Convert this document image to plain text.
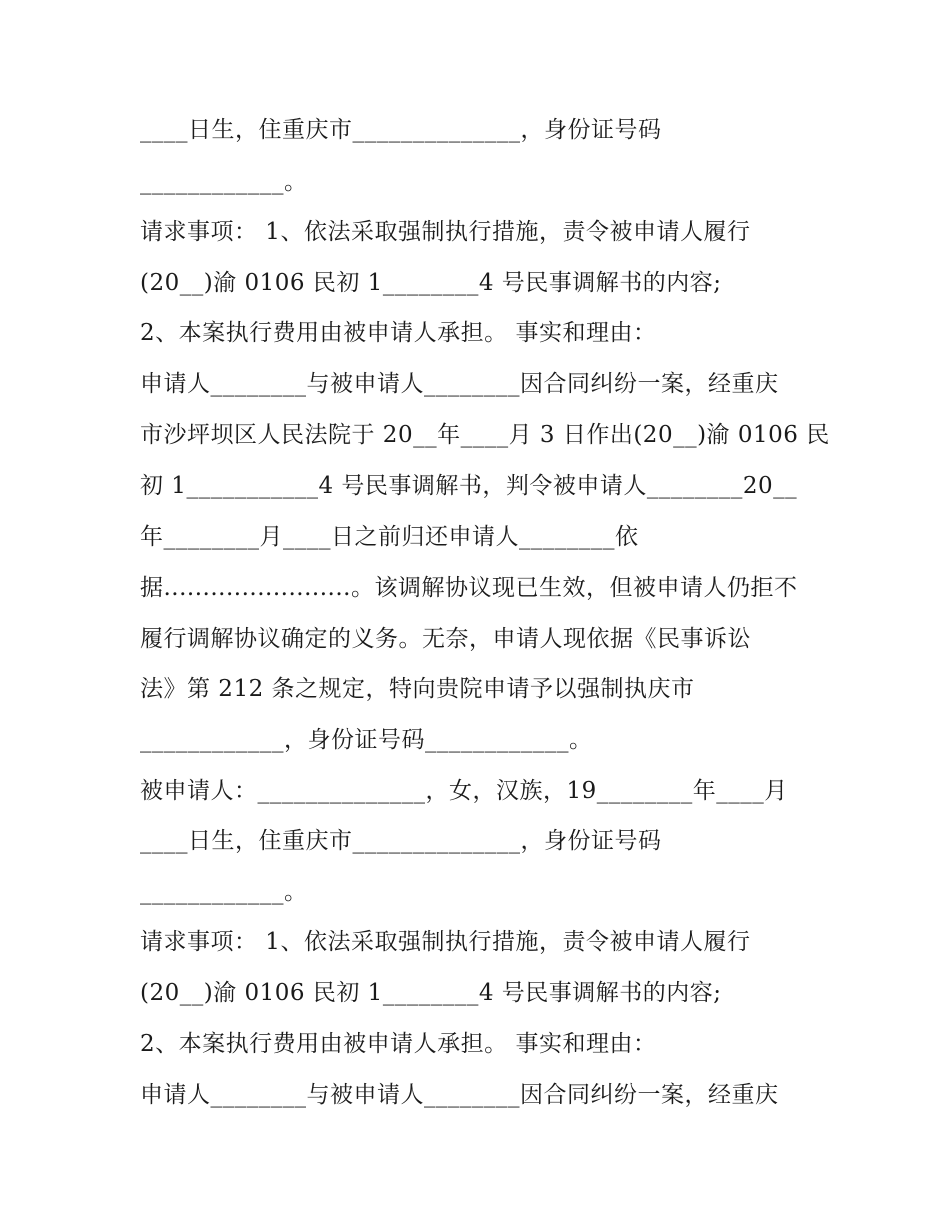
____日生，住重庆市______________，身份证号码
____________。
请求事项： 1、依法采取强制执行措施，责令被申请人履行
(20__)渝 0106 民初 1________4 号民事调解书的内容;
2、本案执行费用由被申请人承担。 事实和理由：
申请人________与被申请人________因合同纠纷一案，经重庆
市沙坪坝区人民法院于 20__年____月 3 日作出(20__)渝 0106 民
初 1___________4 号民事调解书，判令被申请人________20__
年________月____日之前归还申请人________依
据........................。该调解协议现已生效，但被申请人仍拒不
履行调解协议确定的义务。无奈，申请人现依据《民事诉讼
法》第 212 条之规定，特向贵院申请予以强制执庆市
____________，身份证号码____________。
被申请人：______________，女，汉族，19________年____月
____日生，住重庆市______________，身份证号码
____________。
请求事项： 1、依法采取强制执行措施，责令被申请人履行
(20__)渝 0106 民初 1________4 号民事调解书的内容;
2、本案执行费用由被申请人承担。 事实和理由：
申请人________与被申请人________因合同纠纷一案，经重庆
